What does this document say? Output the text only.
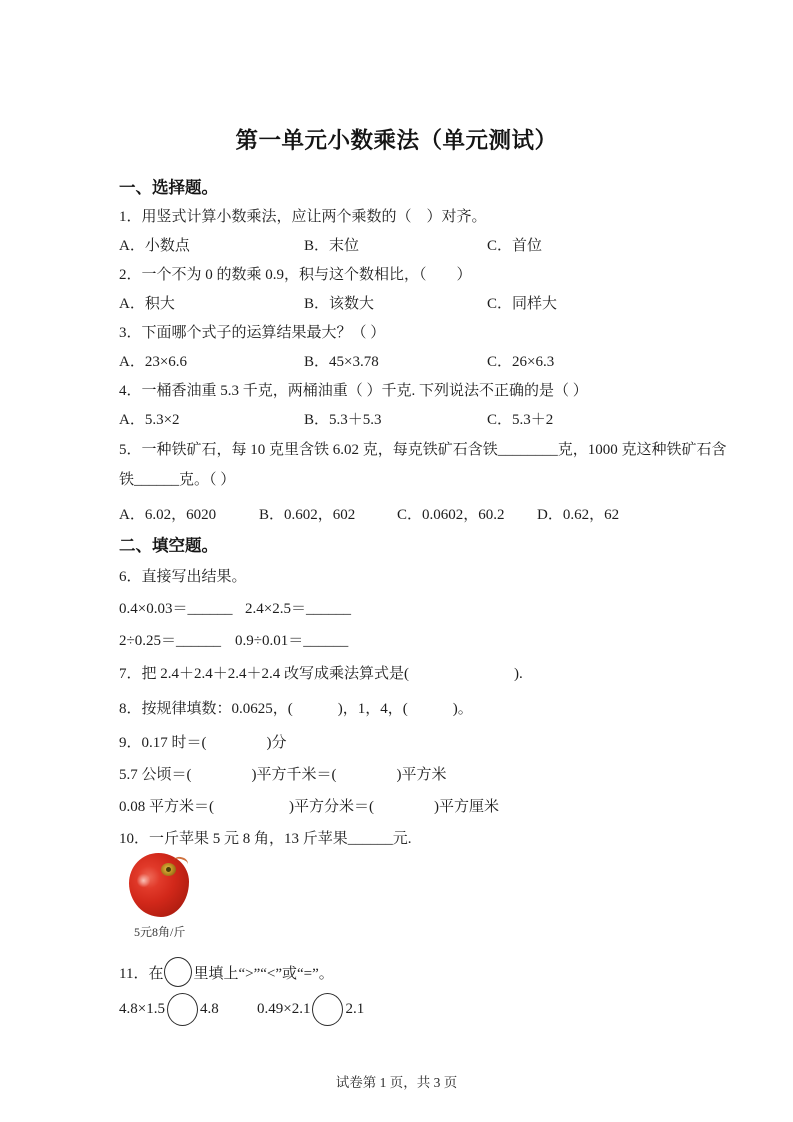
第一单元小数乘法（单元测试）
一、选择题。
1．用竖式计算小数乘法，应让两个乘数的（　）对齐。
A．小数点	B．末位	C．首位
2．一个不为 0 的数乘 0.9，积与这个数相比，（　　）
A．积大	B．该数大	C．同样大
3．下面哪个式子的运算结果最大？（ ）
A．23×6.6	B．45×3.78	C．26×6.3
4．一桶香油重 5.3 千克，两桶油重（ ）千克. 下列说法不正确的是（ ）
A．5.3×2	B．5.3＋5.3	C．5.3＋2
5．一种铁矿石，每 10 克里含铁 6.02 克，每克铁矿石含铁________克，1000 克这种铁矿石含
铁______克。（ ）
A．6.02，6020	B．0.602，602	C．0.0602，60.2 D．0.62，62
二、填空题。
6．直接写出结果。
0.4×0.03＝______ 2.4×2.5＝______
2÷0.25＝______ 0.9÷0.01＝______
7．把 2.4＋2.4＋2.4＋2.4 改写成乘法算式是(　　　　　　　).
8．按规律填数：0.0625，(　　　)，1，4，(　　　)。
9．0.17 时＝(　　　　)分
5.7 公顷＝(　　　　)平方千米＝(　　　　)平方米
0.08 平方米＝(　　　　　)平方分米＝(　　　　)平方厘米
10．一斤苹果 5 元 8 角，13 斤苹果______元.
5元8角/斤
11．在 里填上“>”“<”或“=”。
4.8×1.5 4.8	0.49×2.1 2.1
试卷第 1 页，共 3 页
